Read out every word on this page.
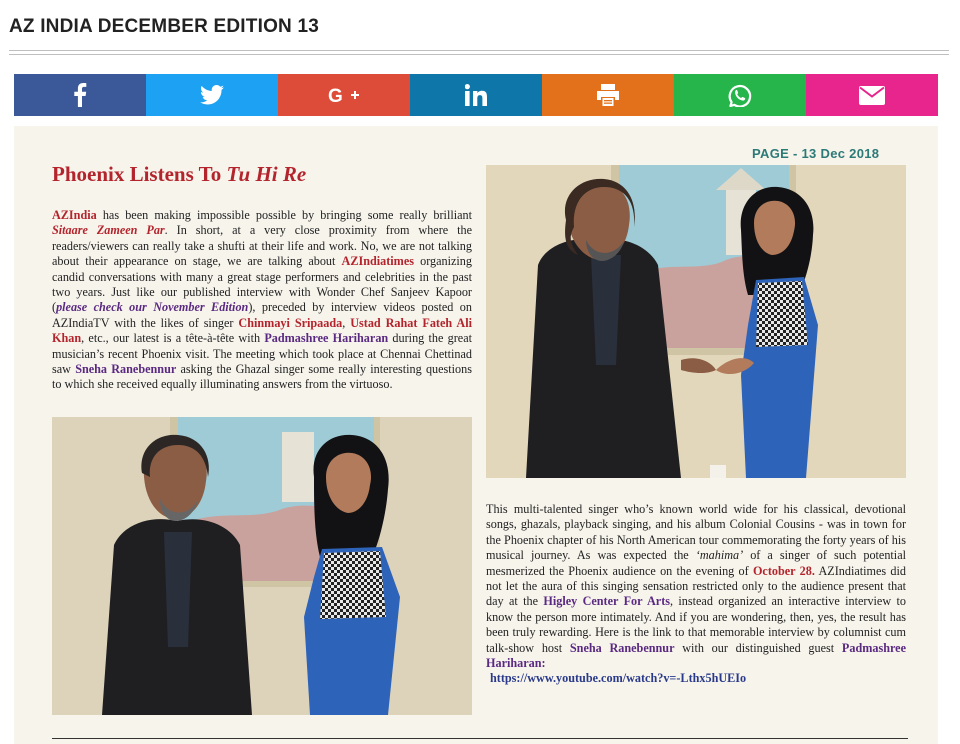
AZ INDIA DECEMBER EDITION 13
G
PAGE - 13 Dec 2018
Phoenix Listens To Tu Hi Re
AZIndia has been making impossible possible by bringing some really brilliant Sitaare Zameen Par. In short, at a very close proximity from where the readers/viewers can really take a shufti at their life and work. No, we are not talking about their appearance on stage, we are talking about AZIndiatimes organizing candid conversations with many a great stage performers and celebrities in the past two years. Just like our published interview with Wonder Chef Sanjeev Kapoor (please check our November Edition), preceded by interview videos posted on AZIndiaTV with the likes of singer Chinmayi Sripaada, Ustad Rahat Fateh Ali Khan, etc., our latest is a tête-à-tête with Padmashree Hariharan during the great musician’s recent Phoenix visit. The meeting which took place at Chennai Chettinad saw Sneha Ranebennur asking the Ghazal singer some really interesting questions to which she received equally illuminating answers from the virtuoso.
This multi-talented singer who’s known world wide for his classical, devotional songs, ghazals, playback singing, and his album Colonial Cousins - was in town for the Phoenix chapter of his North American tour commemorating the forty years of his musical journey. As was expected the ‘mahima’ of a singer of such potential mesmerized the Phoenix audience on the evening of October 28. AZIndiatimes did not let the aura of this singing sensation restricted only to the audience present that day at the Higley Center For Arts, instead organized an interactive interview to know the person more intimately. And if you are wondering, then, yes, the result has been truly rewarding. Here is the link to that memorable interview by columnist cum talk-show host Sneha Ranebennur with our distinguished guest Padmashree Hariharan:
https://www.youtube.com/watch?v=-Lthx5hUEIo
